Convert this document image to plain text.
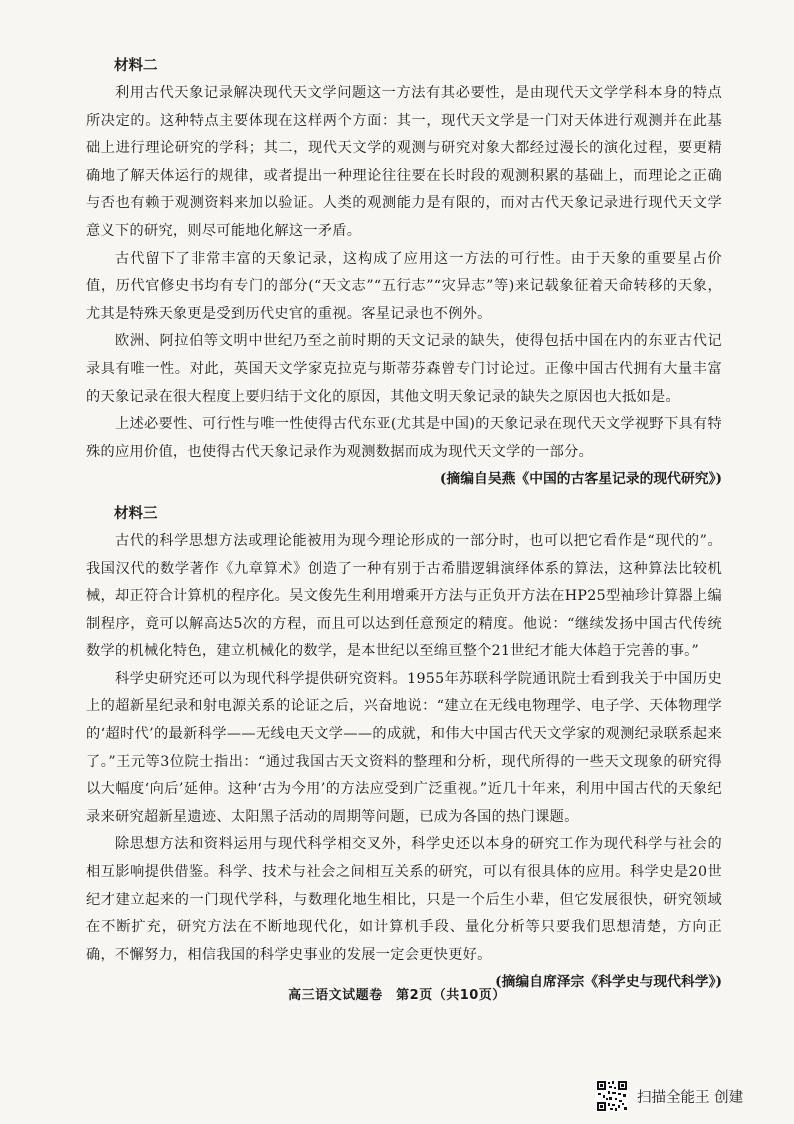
材料二

利用古代天象记录解决现代天文学问题这一方法有其必要性，是由现代天文学学科本身的特点所决定的。这种特点主要体现在这样两个方面：其一，现代天文学是一门对天体进行观测并在此基础上进行理论研究的学科；其二，现代天文学的观测与研究对象大都经过漫长的演化过程，要更精确地了解天体运行的规律，或者提出一种理论往往要在长时段的观测积累的基础上，而理论之正确与否也有赖于观测资料来加以验证。人类的观测能力是有限的，而对古代天象记录进行现代天文学意义下的研究，则尽可能地化解这一矛盾。

古代留下了非常丰富的天象记录，这构成了应用这一方法的可行性。由于天象的重要星占价值，历代官修史书均有专门的部分(“天文志”“五行志”“灾异志”等)来记载象征着天命转移的天象，尤其是特殊天象更是受到历代史官的重视。客星记录也不例外。

欧洲、阿拉伯等文明中世纪乃至之前时期的天文记录的缺失，使得包括中国在内的东亚古代记录具有唯一性。对此，英国天文学家克拉克与斯蒂芬森曾专门讨论过。正像中国古代拥有大量丰富的天象记录在很大程度上要归结于文化的原因，其他文明天象记录的缺失之原因也大抵如是。

上述必要性、可行性与唯一性使得古代东亚(尤其是中国)的天象记录在现代天文学视野下具有特殊的应用价值，也使得古代天象记录作为观测数据而成为现代天文学的一部分。

(摘编自吴燕《中国的古客星记录的现代研究》)

材料三

古代的科学思想方法或理论能被用为现今理论形成的一部分时，也可以把它看作是“现代的”。我国汉代的数学著作《九章算术》创造了一种有别于古希腊逻辑演绎体系的算法，这种算法比较机械，却正符合计算机的程序化。吴文俊先生利用增乘开方法与正负开方法在HP25型袖珍计算器上编制程序，竟可以解高达5次的方程，而且可以达到任意预定的精度。他说：“继续发扬中国古代传统数学的机械化特色，建立机械化的数学，是本世纪以至绵亘整个21世纪才能大体趋于完善的事。”

科学史研究还可以为现代科学提供研究资料。1955年苏联科学院通讯院士看到我关于中国历史上的超新星纪录和射电源关系的论证之后，兴奋地说：“建立在无线电物理学、电子学、天体物理学的‘超时代’的最新科学——无线电天文学——的成就，和伟大中国古代天文学家的观测纪录联系起来了。”王元等3位院士指出：“通过我国古天文资料的整理和分析，现代所得的一些天文现象的研究得以大幅度‘向后’延伸。这种‘古为今用’的方法应受到广泛重视。”近几十年来，利用中国古代的天象纪录来研究超新星遗迹、太阳黑子活动的周期等问题，已成为各国的热门课题。

除思想方法和资料运用与现代科学相交叉外，科学史还以本身的研究工作为现代科学与社会的相互影响提供借鉴。科学、技术与社会之间相互关系的研究，可以有很具体的应用。科学史是20世纪才建立起来的一门现代学科，与数理化地生相比，只是一个后生小辈，但它发展很快，研究领域在不断扩充，研究方法在不断地现代化，如计算机手段、量化分析等只要我们思想清楚，方向正确，不懈努力，相信我国的科学史事业的发展一定会更快更好。

(摘编自席泽宗《科学史与现代科学》)

高三语文试题卷　第2页（共10页）
扫描全能王 创建
